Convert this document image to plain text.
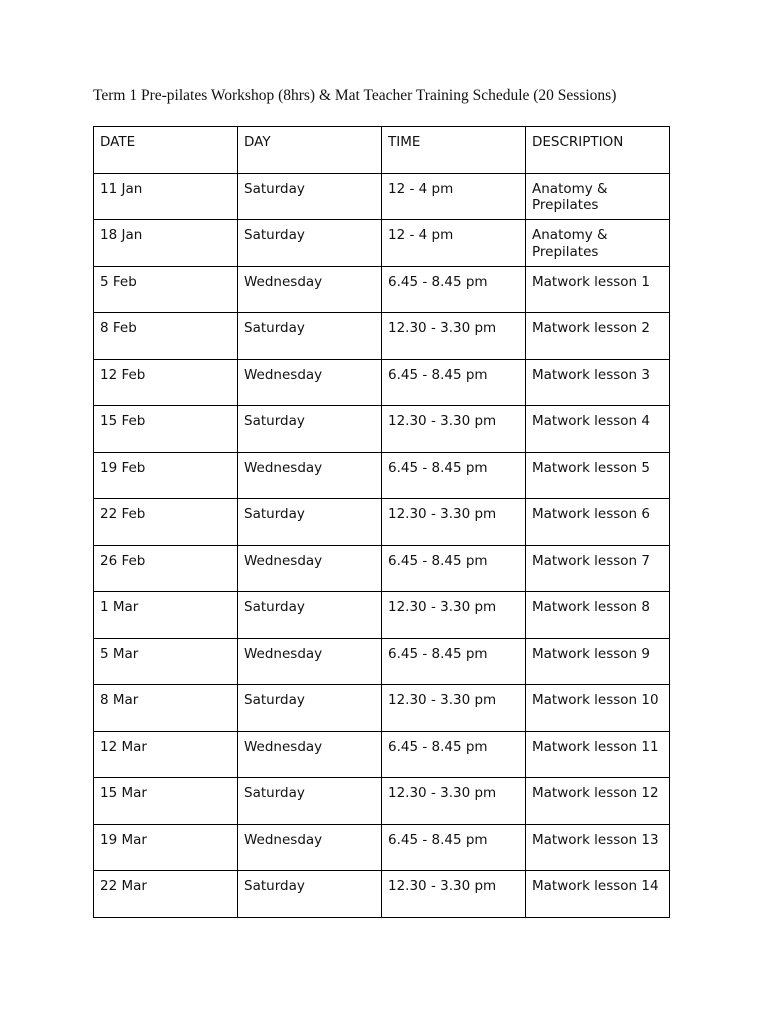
Term 1 Pre-pilates Workshop (8hrs) & Mat Teacher Training Schedule (20 Sessions)
DATE	DAY	TIME	DESCRIPTION
11 Jan	Saturday	12 - 4 pm	Anatomy & Prepilates
18 Jan	Saturday	12 - 4 pm	Anatomy & Prepilates
5 Feb	Wednesday	6.45 - 8.45 pm	Matwork lesson 1
8 Feb	Saturday	12.30 - 3.30 pm	Matwork lesson 2
12 Feb	Wednesday	6.45 - 8.45 pm	Matwork lesson 3
15 Feb	Saturday	12.30 - 3.30 pm	Matwork lesson 4
19 Feb	Wednesday	6.45 - 8.45 pm	Matwork lesson 5
22 Feb	Saturday	12.30 - 3.30 pm	Matwork lesson 6
26 Feb	Wednesday	6.45 - 8.45 pm	Matwork lesson 7
1 Mar	Saturday	12.30 - 3.30 pm	Matwork lesson 8
5 Mar	Wednesday	6.45 - 8.45 pm	Matwork lesson 9
8 Mar	Saturday	12.30 - 3.30 pm	Matwork lesson 10
12 Mar	Wednesday	6.45 - 8.45 pm	Matwork lesson 11
15 Mar	Saturday	12.30 - 3.30 pm	Matwork lesson 12
19 Mar	Wednesday	6.45 - 8.45 pm	Matwork lesson 13
22 Mar	Saturday	12.30 - 3.30 pm	Matwork lesson 14
